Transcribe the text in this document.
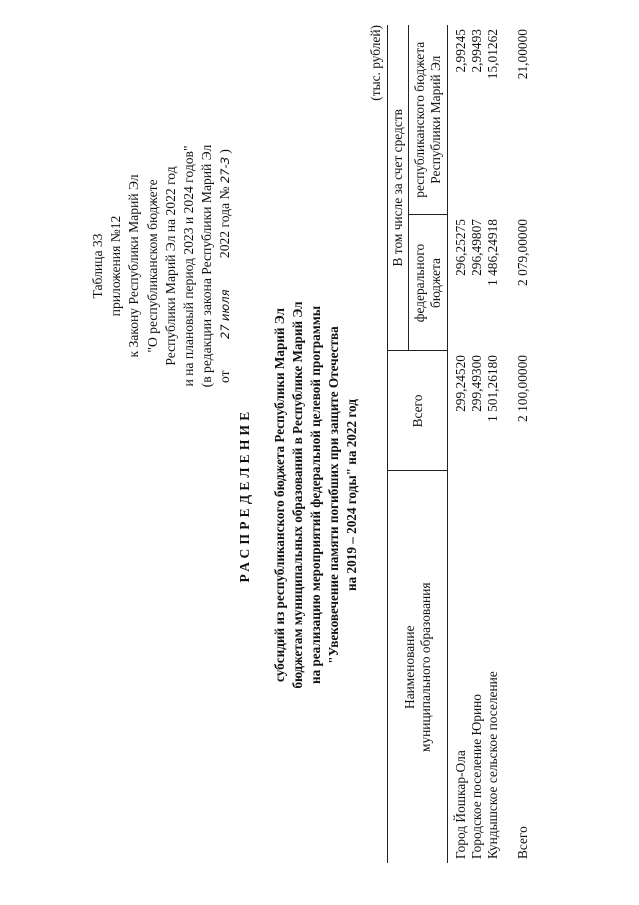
Таблица 33 приложения №12 к Закону Республики Марий Эл "О республиканском бюджете Республики Марий Эл на 2022 год и на плановый период 2023 и 2024 годов" (в редакции закона Республики Марий Эл от 27 июля 2022 года № 27-З )
РАСПРЕДЕЛЕНИЕ субсидий из республиканского бюджета Республики Марий Эл бюджетам муниципальных образований в Республике Марий Эл на реализацию мероприятий федеральной целевой программы "Увековечение памяти погибших при защите Отечества на 2019 – 2024 годы" на 2022 год
(тыс. рублей)
Наименование муниципального образования	Всего	В том числе за счет средств	
		федерального бюджета	республиканского бюджета Республики Марий Эл

Город Йошкар-Ола	299,24520	296,25275	2,99245
Городское поселение Юрино	299,49300	296,49807	2,99493
Кундышское сельское поселение	1 501,26180	1 486,24918	15,01262
Всего	2 100,00000	2 079,00000	21,00000
